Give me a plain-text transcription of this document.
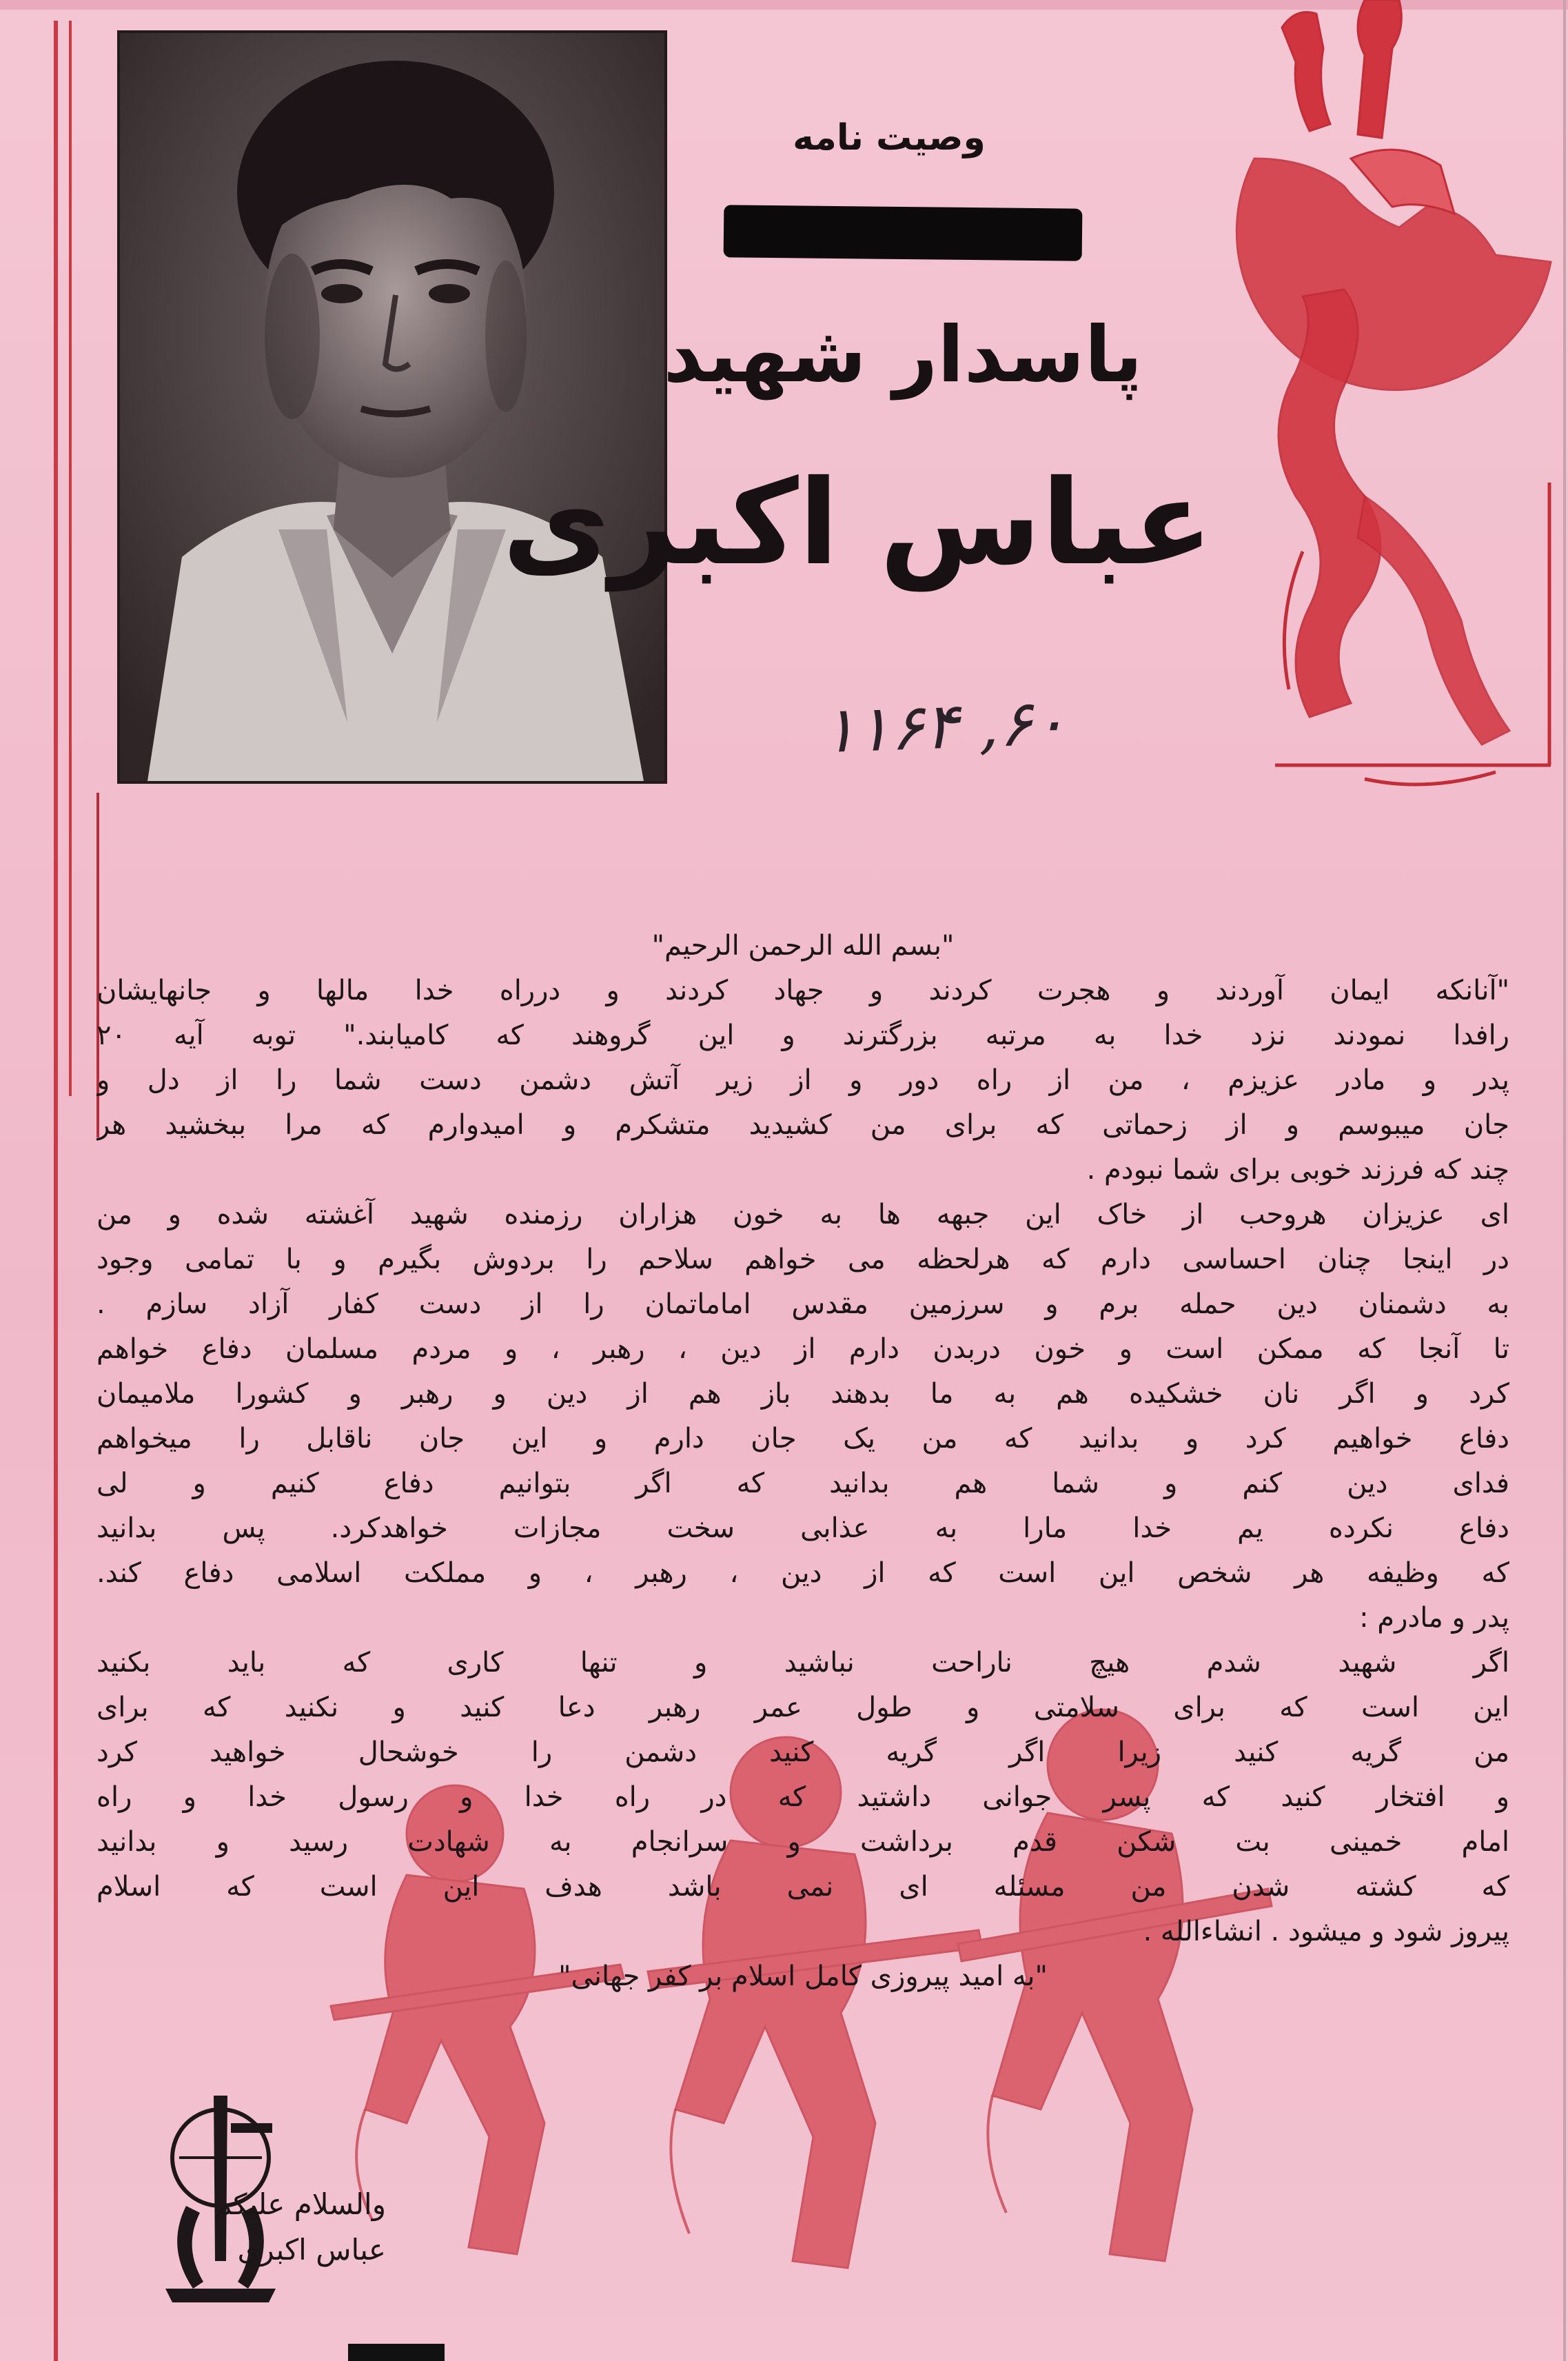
وصیت نامه
پاسدار شهید
عباس اکبری
۱۱۶۴ ,۶۰
"بسم الله الرحمن الرحیم"
"آنانکه ایمان آوردند و هجرت کردند و جهاد کردند و درراه خدا مالها و جانهایشان
رافدا نمودند نزد خدا به مرتبه بزرگترند و این گروهند که کامیابند." توبه آیه ۲۰
پدر و مادر عزیزم ، من از راه دور و از زیر آتش دشمن دست شما را از دل و
جان میبوسم و از زحماتی که برای من کشیدید متشکرم و امیدوارم که مرا ببخشید هر
چند که فرزند خوبی برای شما نبودم .
ای عزیزان هروحب از خاک این جبهه ها به خون هزاران رزمنده شهید آغشته شده و من
در اینجا چنان احساسی دارم که هرلحظه می خواهم سلاحم را بردوش بگیرم و با تمامی وجود
به دشمنان دین حمله برم و سرزمین مقدس اماماتمان را از دست کفار آزاد سازم .
تا آنجا که ممکن است و خون دربدن دارم از دین ، رهبر ، و مردم مسلمان دفاع خواهم
کرد و اگر نان خشکیده هم به ما بدهند باز هم از دین و رهبر و کشورا ملامیمان
دفاع خواهیم کرد و بدانید که من یک جان دارم و این جان ناقابل را میخواهم
فدای دین کنم و شما هم بدانید که اگر بتوانیم دفاع کنیم و لی
دفاع نکرده یم خدا مارا به عذابی سخت مجازات خواهدکرد. پس بدانید
که وظیفه هر شخص این است که از دین ، رهبر ، و مملکت اسلامی دفاع کند.
پدر و مادرم :
اگر شهید شدم هیچ ناراحت نباشید و تنها کاری که باید بکنید
این است که برای سلامتی و طول عمر رهبر دعا کنید و نکنید که برای
من گریه کنید زیرا اگر گریه کنید دشمن را خوشحال خواهید کرد
و افتخار کنید که پسر جوانی داشتید که در راه خدا و رسول خدا و راه
امام خمینی بت شکن قدم برداشت و سرانجام به شهادت رسید و بدانید
که کشته شدن من مسئله ای نمی باشد هدف این است که اسلام
پیروز شود و میشود . انشاءالله .
"به امید پیروزی کامل اسلام بر کفر جهانی"
والسلام علیکم
عباس اکبری
